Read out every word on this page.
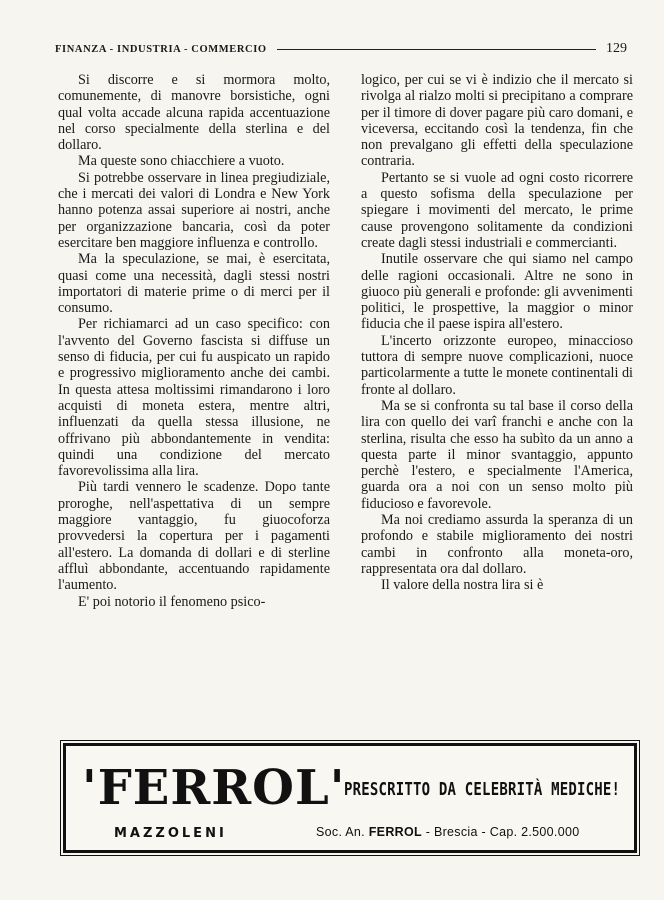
FINANZA - INDUSTRIA - COMMERCIO	129

Si discorre e si mormora molto, comunemente, di manovre borsistiche, ogni qual volta accade alcuna rapida accentuazione nel corso specialmente della sterlina e del dollaro.

Ma queste sono chiacchiere a vuoto.

Si potrebbe osservare in linea pregiudiziale, che i mercati dei valori di Londra e New York hanno potenza assai superiore ai nostri, anche per organizzazione bancaria, così da poter esercitare ben maggiore influenza e controllo.

Ma la speculazione, se mai, è esercitata, quasi come una necessità, dagli stessi nostri importatori di materie prime o di merci per il consumo.

Per richiamarci ad un caso specifico: con l'avvento del Governo fascista si diffuse un senso di fiducia, per cui fu auspicato un rapido e progressivo miglioramento anche dei cambi. In questa attesa moltissimi rimandarono i loro acquisti di moneta estera, mentre altri, influenzati da quella stessa illusione, ne offrivano più abbondantemente in vendita: quindi una condizione del mercato favorevolissima alla lira.

Più tardi vennero le scadenze. Dopo tante proroghe, nell'aspettativa di un sempre maggiore vantaggio, fu giuocoforza provvedersi la copertura per i pagamenti all'estero. La domanda di dollari e di sterline affluì abbondante, accentuando rapidamente l'aumento.

E' poi notorio il fenomeno psico-

logico, per cui se vi è indizio che il mercato si rivolga al rialzo molti si precipitano a comprare per il timore di dover pagare più caro domani, e viceversa, eccitando così la tendenza, fin che non prevalgano gli effetti della speculazione contraria.

Pertanto se si vuole ad ogni costo ricorrere a questo sofisma della speculazione per spiegare i movimenti del mercato, le prime cause provengono solitamente da condizioni create dagli stessi industriali e commercianti.

Inutile osservare che qui siamo nel campo delle ragioni occasionali. Altre ne sono in giuoco più generali e profonde: gli avvenimenti politici, le prospettive, la maggior o minor fiducia che il paese ispira all'estero.

L'incerto orizzonte europeo, minaccioso tuttora di sempre nuove complicazioni, nuoce particolarmente a tutte le monete continentali di fronte al dollaro.

Ma se si confronta su tal base il corso della lira con quello dei varî franchi e anche con la sterlina, risulta che esso ha subìto da un anno a questa parte il minor svantaggio, appunto perchè l'estero, e specialmente l'America, guarda ora a noi con un senso molto più fiducioso e favorevole.

Ma noi crediamo assurda la speranza di un profondo e stabile miglioramento dei nostri cambi in confronto alla moneta-oro, rappresentata ora dal dollaro.

Il valore della nostra lira si è

'FERROL'
MAZZOLENI
PRESCRITTO DA CELEBRITÀ MEDICHE!
Soc. An. FERROL - Brescia - Cap. 2.500.000
